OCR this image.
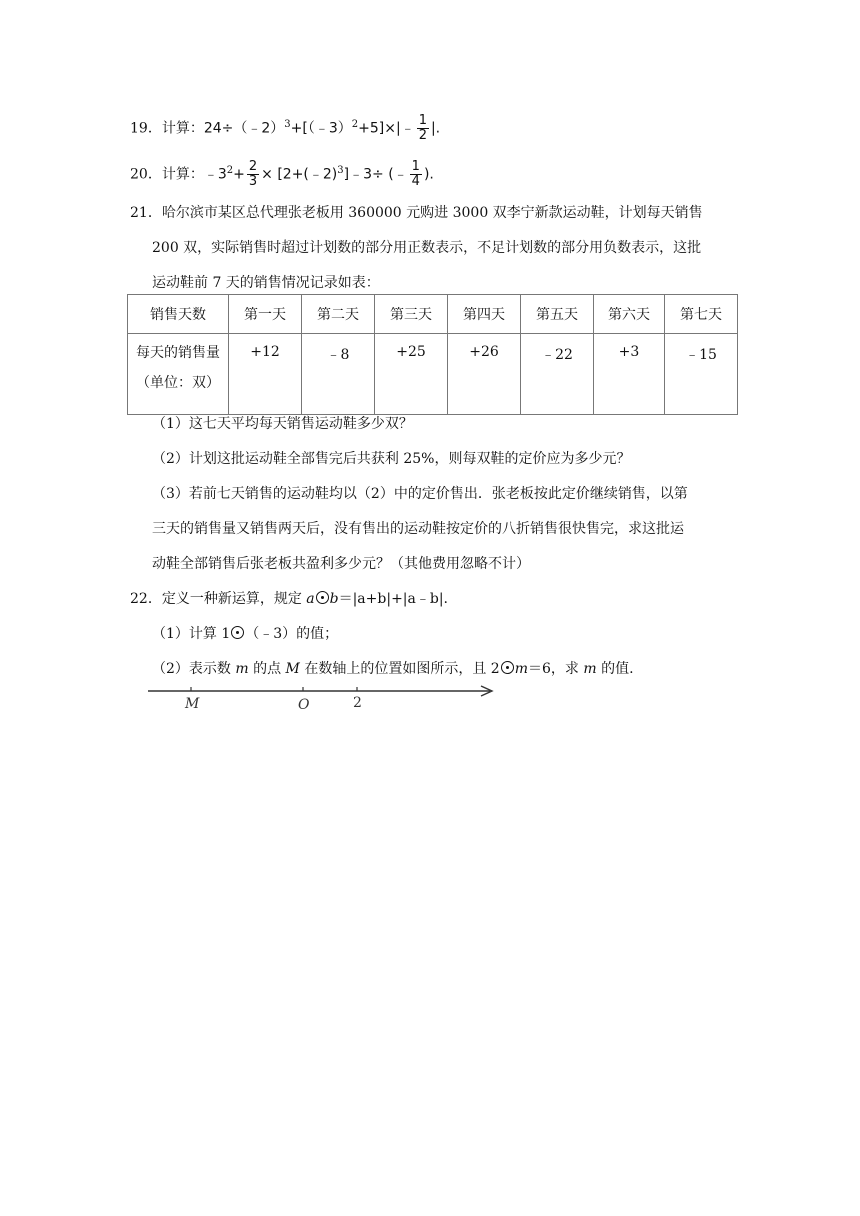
19．计算：24÷（﹣2）$^3$+[（﹣3）$^2$+5]×|﹣ $\frac{1}{2}$ |.
20．计算：$﹣3^2+ \frac{2}{3}$ × [2+(﹣2)$^3$]﹣3÷ (﹣ $\frac{1}{4}$ ).
21．哈尔滨市某区总代理张老板用 360000 元购进 3000 双李宁新款运动鞋，计划每天销售
200 双，实际销售时超过计划数的部分用正数表示，不足计划数的部分用负数表示，这批
运动鞋前 7 天的销售情况记录如表：
销售天数	第一天	第二天	第三天	第四天	第五天	第六天	第七天

每天的销售量
（单位：双）	+12	﹣8	+25	+26	﹣22	+3	﹣15
（1）这七天平均每天销售运动鞋多少双？
（2）计划这批运动鞋全部售完后共获利 25%，则每双鞋的定价应为多少元？
（3）若前七天销售的运动鞋均以（2）中的定价售出．张老板按此定价继续销售，以第
三天的销售量又销售两天后，没有售出的运动鞋按定价的八折销售很快售完，求这批运
动鞋全部销售后张老板共盈利多少元？（其他费用忽略不计）
22．定义一种新运算，规定 a b＝|a+b|+|a﹣b|.
（1）计算 1 （﹣3）的值；
（2）表示数 m 的点 M 在数轴上的位置如图所示，且 2 m＝6，求 m 的值.
M	O	2
